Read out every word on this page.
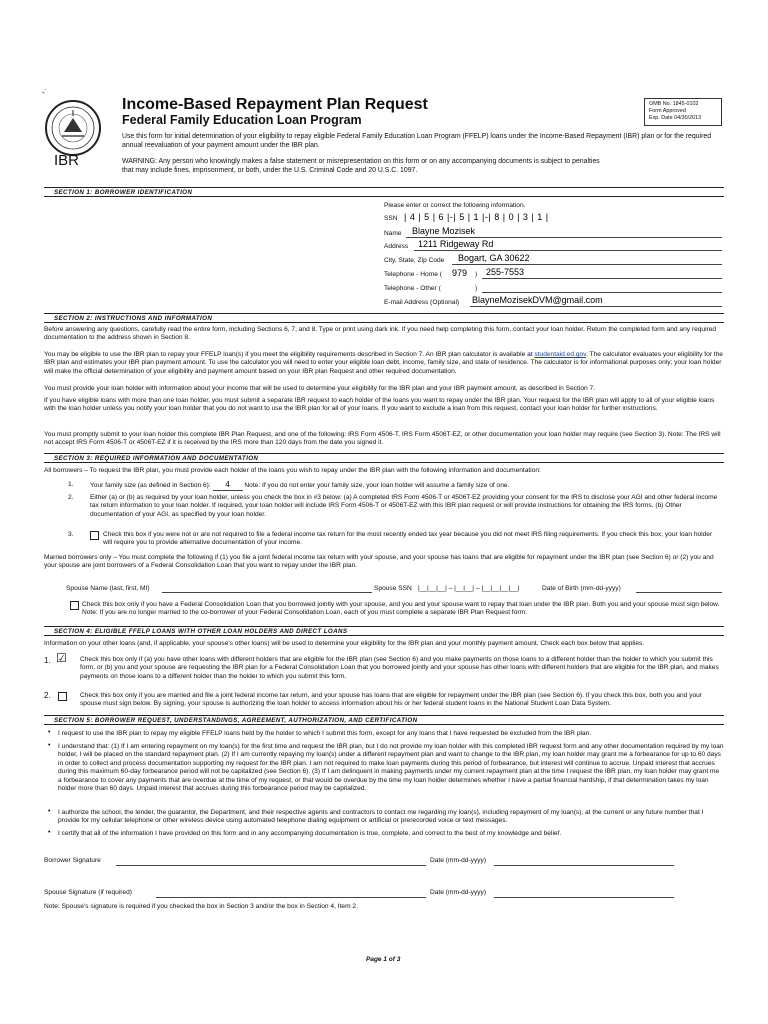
-˙
IBR
Income-Based Repayment Plan Request
Federal Family Education Loan Program
OMB No. 1845-0102
Form Approved
Exp. Date 04/30/2013
Use this form for initial determination of your eligibility to repay eligible Federal Family Education Loan Program (FFELP) loans under the Income-Based Repayment (IBR) plan or for the required annual reevaluation of your payment amount under the IBR plan.
WARNING: Any person who knowingly makes a false statement or misrepresentation on this form or on any accompanying documents is subject to penalties that may include fines, imprisonment, or both, under the U.S. Criminal Code and 20 U.S.C. 1097.
SECTION 1: BORROWER IDENTIFICATION
Please enter or correct the following information.
SSN | 4 | 5 | 6 |-| 5 | 1 |-| 8 | 0 | 3 | 1 |
Name Blayne Mozisek
Address 1211 Ridgeway Rd
City, State, Zip Code Bogart, GA 30622
Telephone - Home ( 979 ) 255-7553
Telephone - Other (	)
E-mail Address (Optional) BlayneMozisekDVM@gmail.com
SECTION 2: INSTRUCTIONS AND INFORMATION
Before answering any questions, carefully read the entire form, including Sections 6, 7, and 8. Type or print using dark ink. If you need help completing this form, contact your loan holder. Return the completed form and any required documentation to the address shown in Section 8.
You may be eligible to use the IBR plan to repay your FFELP loan(s) if you meet the eligibility requirements described in Section 7. An IBR plan calculator is available at studentaid.ed.gov. The calculator evaluates your eligibility for the IBR plan and estimates your IBR plan payment amount. To use the calculator you will need to enter your eligible loan debt, income, family size, and state of residence. The calculator is for informational purposes only; your loan holder will make the official determination of your eligibility and payment amount based on your IBR plan Request and other required documentation.
You must provide your loan holder with information about your income that will be used to determine your eligibility for the IBR plan and your IBR payment amount, as described in Section 7.
If you have eligible loans with more than one loan holder, you must submit a separate IBR request to each holder of the loans you want to repay under the IBR plan. Your request for the IBR plan will apply to all of your eligible loans with the loan holder unless you notify your loan holder that you do not want to use the IBR plan for all of your loans. If you want to exclude a loan from this request, contact your loan holder for further instructions.
You must promptly submit to your loan holder this complete IBR Plan Request, and one of the following: IRS Form 4506-T, IRS Form 4506T-EZ, or other documentation your loan holder may require (see Section 3). Note: The IRS will not accept IRS Form 4506-T or 4506T-EZ if it is received by the IRS more than 120 days from the date you signed it.
SECTION 3: REQUIRED INFORMATION AND DOCUMENTATION
All borrowers – To request the IBR plan, you must provide each holder of the loans you wish to repay under the IBR plan with the following information and documentation:
1.	Your family size (as defined in Section 6): 4 Note: If you do not enter your family size, your loan holder will assume a family size of one.
2.	Either (a) or (b) as required by your loan holder, unless you check the box in #3 below: (a) A completed IRS Form 4506-T or 4506T-EZ providing your consent for the IRS to disclose your AGI and other federal income tax return information to your loan holder. If required, your loan holder will include IRS Form 4506-T or 4506T-EZ with this IBR plan request or will provide instructions for obtaining the IRS forms. (b) Other documentation of your AGI, as specified by your loan holder.
3.	Check this box if you were not or are not required to file a federal income tax return for the most recently ended tax year because you did not meet IRS filing requirements. If you check this box, your loan holder will require you to provide alternative documentation of your income.
Married borrowers only – You must complete the following if (1) you file a joint federal income tax return with your spouse, and your spouse has loans that are eligible for repayment under the IBR plan (see Section 6) or (2) you and your spouse are joint borrowers of a Federal Consolidation Loan that you want to repay under the IBR plan.
Spouse Name (last, first, MI)	Spouse SSN |__|__|__| – |__|__| – |__|__|__|__|	Date of Birth (mm-dd-yyyy)
Check this box only if you have a Federal Consolidation Loan that you borrowed jointly with your spouse, and you and your spouse want to repay that loan under the IBR plan. Both you and your spouse must sign below. Note: If you are no longer married to the co-borrower of your Federal Consolidation Loan, each of you must complete a separate IBR Plan Request form.
SECTION 4: ELIGIBLE FFELP LOANS WITH OTHER LOAN HOLDERS AND DIRECT LOANS
Information on your other loans (and, if applicable, your spouse's other loans) will be used to determine your eligibility for the IBR plan and your monthly payment amount. Check each box below that applies.
1. ☑ Check this box only if (a) you have other loans with different holders that are eligible for the IBR plan (see Section 6) and you make payments on those loans to a different holder than the holder to which you submit this form, or (b) you and your spouse are requesting the IBR plan for a Federal Consolidation Loan that you borrowed jointly and your spouse has other loans with different holders that are eligible for the IBR plan, and makes payments on those loans to a different holder than the holder to which you submit this form.
2.	Check this box only if you are married and file a joint federal income tax return, and your spouse has loans that are eligible for repayment under the IBR plan (see Section 6). If you check this box, both you and your spouse must sign below. By signing, your spouse is authorizing the loan holder to access information about his or her federal student loans in the National Student Loan Data System.
SECTION 5: BORROWER REQUEST, UNDERSTANDINGS, AGREEMENT, AUTHORIZATION, AND CERTIFICATION
• I request to use the IBR plan to repay my eligible FFELP loans held by the holder to which I submit this form, except for any loans that I have requested be excluded from the IBR plan.
• I understand that: (1) If I am entering repayment on my loan(s) for the first time and request the IBR plan, but I do not provide my loan holder with this completed IBR request form and any other documentation required by my loan holder, I will be placed on the standard repayment plan. (2) If I am currently repaying my loan(s) under a different repayment plan and want to change to the IBR plan, my loan holder may grant me a forbearance for up to 60 days in order to collect and process documentation supporting my request for the IBR plan. I am not required to make loan payments during this period of forbearance, but interest will continue to accrue. Unpaid interest that accrues during this maximum 60-day forbearance period will not be capitalized (see Section 6). (3) If I am delinquent in making payments under my current repayment plan at the time I request the IBR plan, my loan holder may grant me a forbearance to cover any payments that are overdue at the time of my request, or that would be overdue by the time my loan holder determines whether I have a partial financial hardship, if that determination takes my loan holder more than 60 days. Unpaid interest that accrues during this forbearance period may be capitalized.
• I authorize the school, the lender, the guarantor, the Department, and their respective agents and contractors to contact me regarding my loan(s), including repayment of my loan(s), at the current or any future number that I provide for my cellular telephone or other wireless device using automated telephone dialing equipment or artificial or prerecorded voice or text messages.
• I certify that all of the information I have provided on this form and in any accompanying documentation is true, complete, and correct to the best of my knowledge and belief.
Borrower Signature	Date (mm-dd-yyyy)
Spouse Signature (if required)	Date (mm-dd-yyyy)
Note: Spouse's signature is required if you checked the box in Section 3 and/or the box in Section 4, Item 2.
Page 1 of 3
